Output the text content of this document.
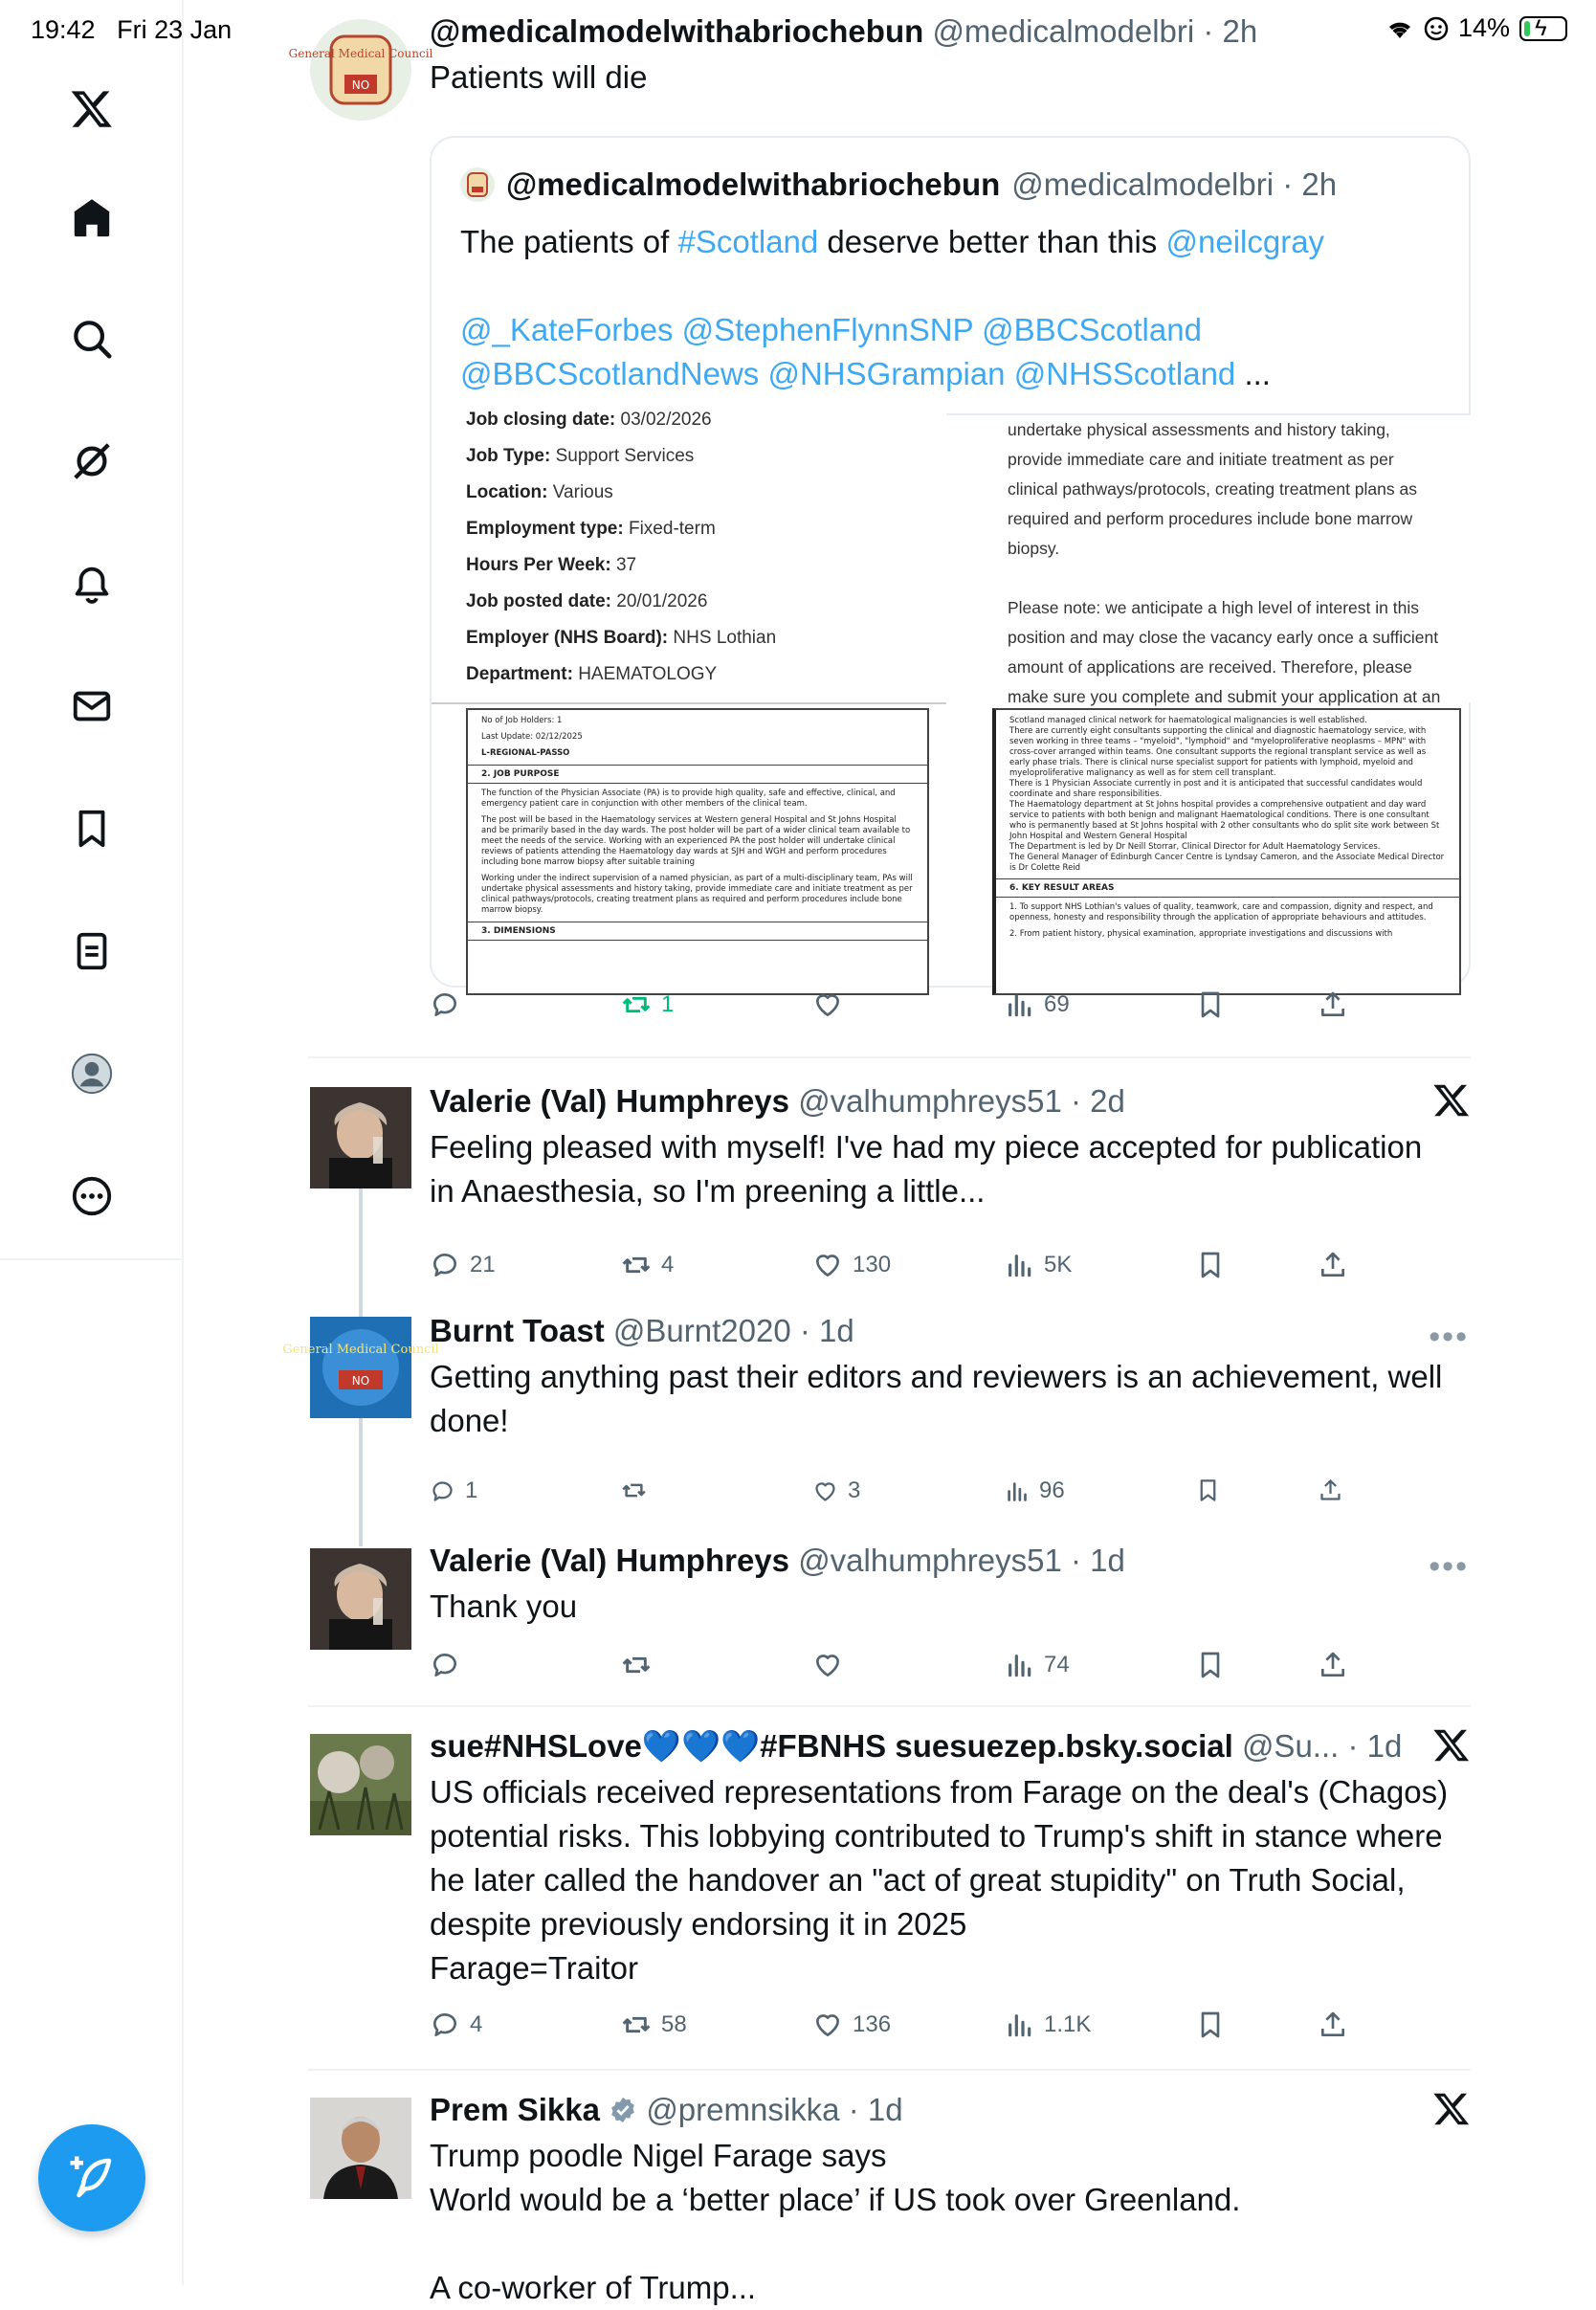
19:42 Fri 23 Jan	14% ϟ
General Medical Council
NO
@medicalmodelwithabriochebun @medicalmodelbri · 2h
Patients will die
@medicalmodelwithabriochebun @medicalmodelbri · 2h
The patients of #Scotland deserve better than this @neilcgray

@_KateForbes @StephenFlynnSNP @BBCScotland
@BBCScotlandNews @NHSGrampian @NHSScotland ...
Job closing date: 03/02/2026
Job Type: Support Services
Location: Various
Employment type: Fixed-term
Hours Per Week: 37
Job posted date: 20/01/2026
Employer (NHS Board): NHS Lothian
Department: HAEMATOLOGY
undertake physical assessments and history taking,
provide immediate care and initiate treatment as per
clinical pathways/protocols, creating treatment plans as
required and perform procedures include bone marrow
biopsy.
Please note: we anticipate a high level of interest in this
position and may close the vacancy early once a sufficient
amount of applications are received. Therefore, please
make sure you complete and submit your application at an
No of Job Holders: 1
Last Update: 02/12/2025
L-REGIONAL-PASSO
2. JOB PURPOSE
The function of the Physician Associate (PA) is to provide high quality, safe and effective, clinical, and emergency patient care in conjunction with other members of the clinical team.
The post will be based in the Haematology services at Western general Hospital and St Johns Hospital and be primarily based in the day wards. The post holder will be part of a wider clinical team available to meet the needs of the service. Working with an experienced PA the post holder will undertake clinical reviews of patients attending the Haematology day wards at SJH and WGH and perform procedures including bone marrow biopsy after suitable training
Working under the indirect supervision of a named physician, as part of a multi-disciplinary team, PAs will undertake physical assessments and history taking, provide immediate care and initiate treatment as per clinical pathways/protocols, creating treatment plans as required and perform procedures include bone marrow biopsy.
3. DIMENSIONS
Scotland managed clinical network for haematological malignancies is well established.
There are currently eight consultants supporting the clinical and diagnostic haematology service, with seven working in three teams – "myeloid", "lymphoid" and "myeloproliferative neoplasms – MPN" with cross-cover arranged within teams. One consultant supports the regional transplant service as well as early phase trials. There is clinical nurse specialist support for patients with lymphoid, myeloid and myeloproliferative malignancy as well as for stem cell transplant.
There is 1 Physician Associate currently in post and it is anticipated that successful candidates would coordinate and share responsibilities.
The Haematology department at St Johns hospital provides a comprehensive outpatient and day ward service to patients with both benign and malignant Haematological conditions. There is one consultant who is permanently based at St Johns hospital with 2 other consultants who do split site work between St John Hospital and Western General Hospital
The Department is led by Dr Neill Storrar, Clinical Director for Adult Haematology Services.
The General Manager of Edinburgh Cancer Centre is Lyndsay Cameron, and the Associate Medical Director is Dr Colette Reid
6. KEY RESULT AREAS
1. To support NHS Lothian's values of quality, teamwork, care and compassion, dignity and respect, and openness, honesty and responsibility through the application of appropriate behaviours and attitudes.
2. From patient history, physical examination, appropriate investigations and discussions with
1	69
Valerie (Val) Humphreys @valhumphreys51 · 2d
Feeling pleased with myself! I've had my piece accepted for publication in Anaesthesia, so I'm preening a little...
21	4	130	5K
General Medical Council
NO
Burnt Toast @Burnt2020 · 1d
Getting anything past their editors and reviewers is an achievement, well done!
•••
1	3	96
Valerie (Val) Humphreys @valhumphreys51 · 1d
Thank you
•••
74
sue#NHSLove💙💙💙#FBNHS suesuezep.bsky.social @Su... · 1d
US officials received representations from Farage on the deal's (Chagos) potential risks. This lobbying contributed to Trump's shift in stance where he later called the handover an "act of great stupidity" on Truth Social, despite previously endorsing it in 2025
Farage=Traitor
4	58	136	1.1K
Prem Sikka @premnsikka · 1d
Trump poodle Nigel Farage says
World would be a ‘better place’ if US took over Greenland.
A co-worker of Trump...
